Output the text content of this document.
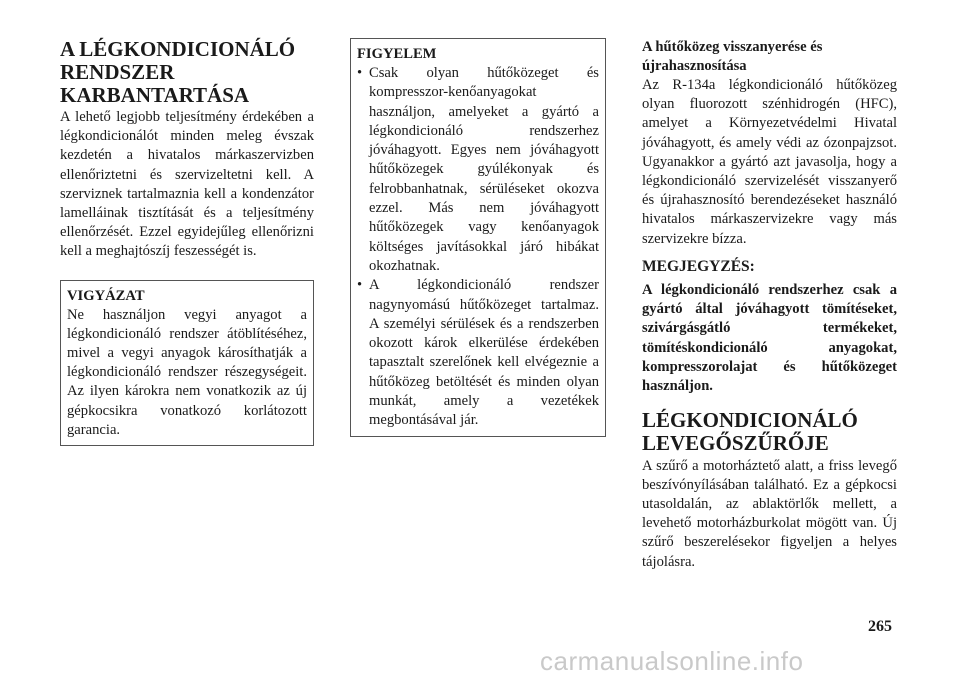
A LÉGKONDICIONÁLÓ
RENDSZER
KARBANTARTÁSA

A lehető legjobb teljesítmény érdekében a légkondicionálót minden meleg évszak kezdetén a hivatalos márkaszervizben ellenőriztetni és szervizeltetni kell. A szerviznek tartalmaznia kell a kondenzátor lamelláinak tisztítását és a teljesítmény ellenőrzését. Ezzel egyidejűleg ellenőrizni kell a meghajtószíj feszességét is.

VIGYÁZAT

Ne használjon vegyi anyagot a légkondicionáló rendszer átöblítéséhez, mivel a vegyi anyagok károsíthatják a légkondicionáló rendszer részegységeit. Az ilyen károkra nem vonatkozik az új gépkocsikra vonatkozó korlátozott garancia.

FIGYELEM
• Csak olyan hűtőközeget és kompresszor-kenőanyagokat használjon, amelyeket a gyártó a légkondicionáló rendszerhez jóváhagyott. Egyes nem jóváhagyott hűtőközegek gyúlékonyak és felrobbanhatnak, sérüléseket okozva ezzel. Más nem jóváhagyott hűtőközegek vagy kenőanyagok költséges javításokkal járó hibákat okozhatnak.
• A légkondicionáló rendszer nagynyomású hűtőközeget tartalmaz. A személyi sérülések és a rendszerben okozott károk elkerülése érdekében tapasztalt szerelőnek kell elvégeznie a hűtőközeg betöltését és minden olyan munkát, amely a vezetékek megbontásával jár.
A hűtőközeg visszanyerése és
újrahasznosítása

Az R-134a légkondicionáló hűtőközeg olyan fluorozott szénhidrogén (HFC), amelyet a Környezetvédelmi Hivatal jóváhagyott, és amely védi az ózonpajzsot. Ugyanakkor a gyártó azt javasolja, hogy a légkondicionáló szervizelését visszanyerő és újrahasznosító berendezéseket használó hivatalos márkaszervizekre vagy más szervizekre bízza.

MEGJEGYZÉS:

A légkondicionáló rendszerhez csak a gyártó által jóváhagyott tömítéseket, szivárgásgátló termékeket, tömítéskondicionáló anyagokat, kompresszorolajat és hűtőközeget használjon.

LÉGKONDICIONÁLÓ
LEVEGŐSZŰRŐJE

A szűrő a motorháztető alatt, a friss levegő beszívónyílásában található. Ez a gépkocsi utasoldalán, az ablaktörlők mellett, a levehető motorházburkolat mögött van. Új szűrő beszerelésekor figyeljen a helyes tájolásra.

265
carmanualsonline.info
